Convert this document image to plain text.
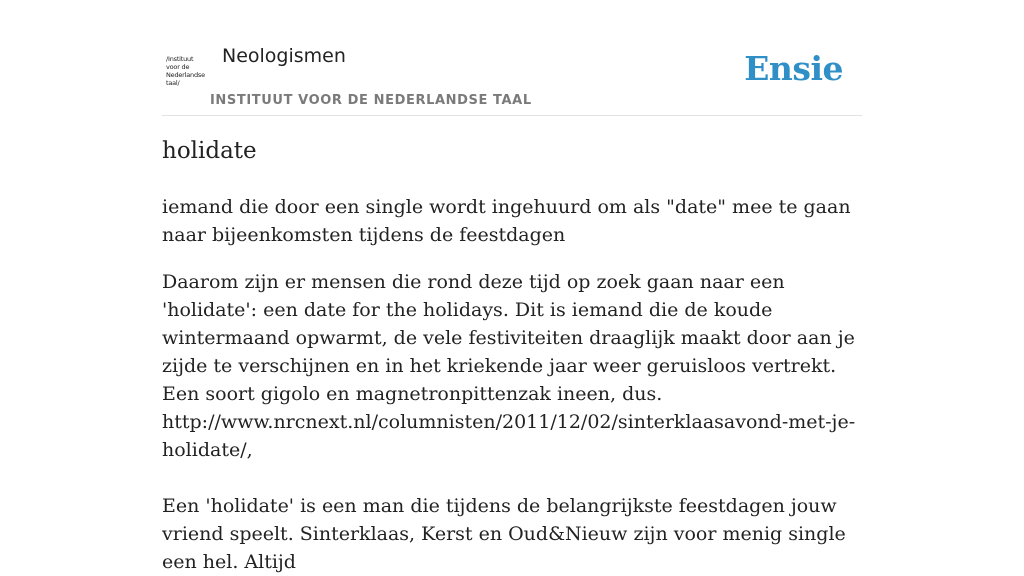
/Instituut
voor de
Nederlandse
taal/
Neologismen
INSTITUUT VOOR DE NEDERLANDSE TAAL
Ensie
holidate

iemand die door een single wordt ingehuurd om als "date" mee te gaan naar bijeenkomsten tijdens de feestdagen

Daarom zijn er mensen die rond deze tijd op zoek gaan naar een 'holidate': een date for the holidays. Dit is iemand die de koude wintermaand opwarmt, de vele festiviteiten draaglijk maakt door aan je zijde te verschijnen en in het kriekende jaar weer geruisloos vertrekt. Een soort gigolo en magnetronpittenzak ineen, dus.
http://www.nrcnext.nl/columnisten/2011/12/02/sinterklaasavond-met-je-holidate/,

Een 'holidate' is een man die tijdens de belangrijkste feestdagen jouw vriend speelt. Sinterklaas, Kerst en Oud&Nieuw zijn voor menig single een hel. Altijd
